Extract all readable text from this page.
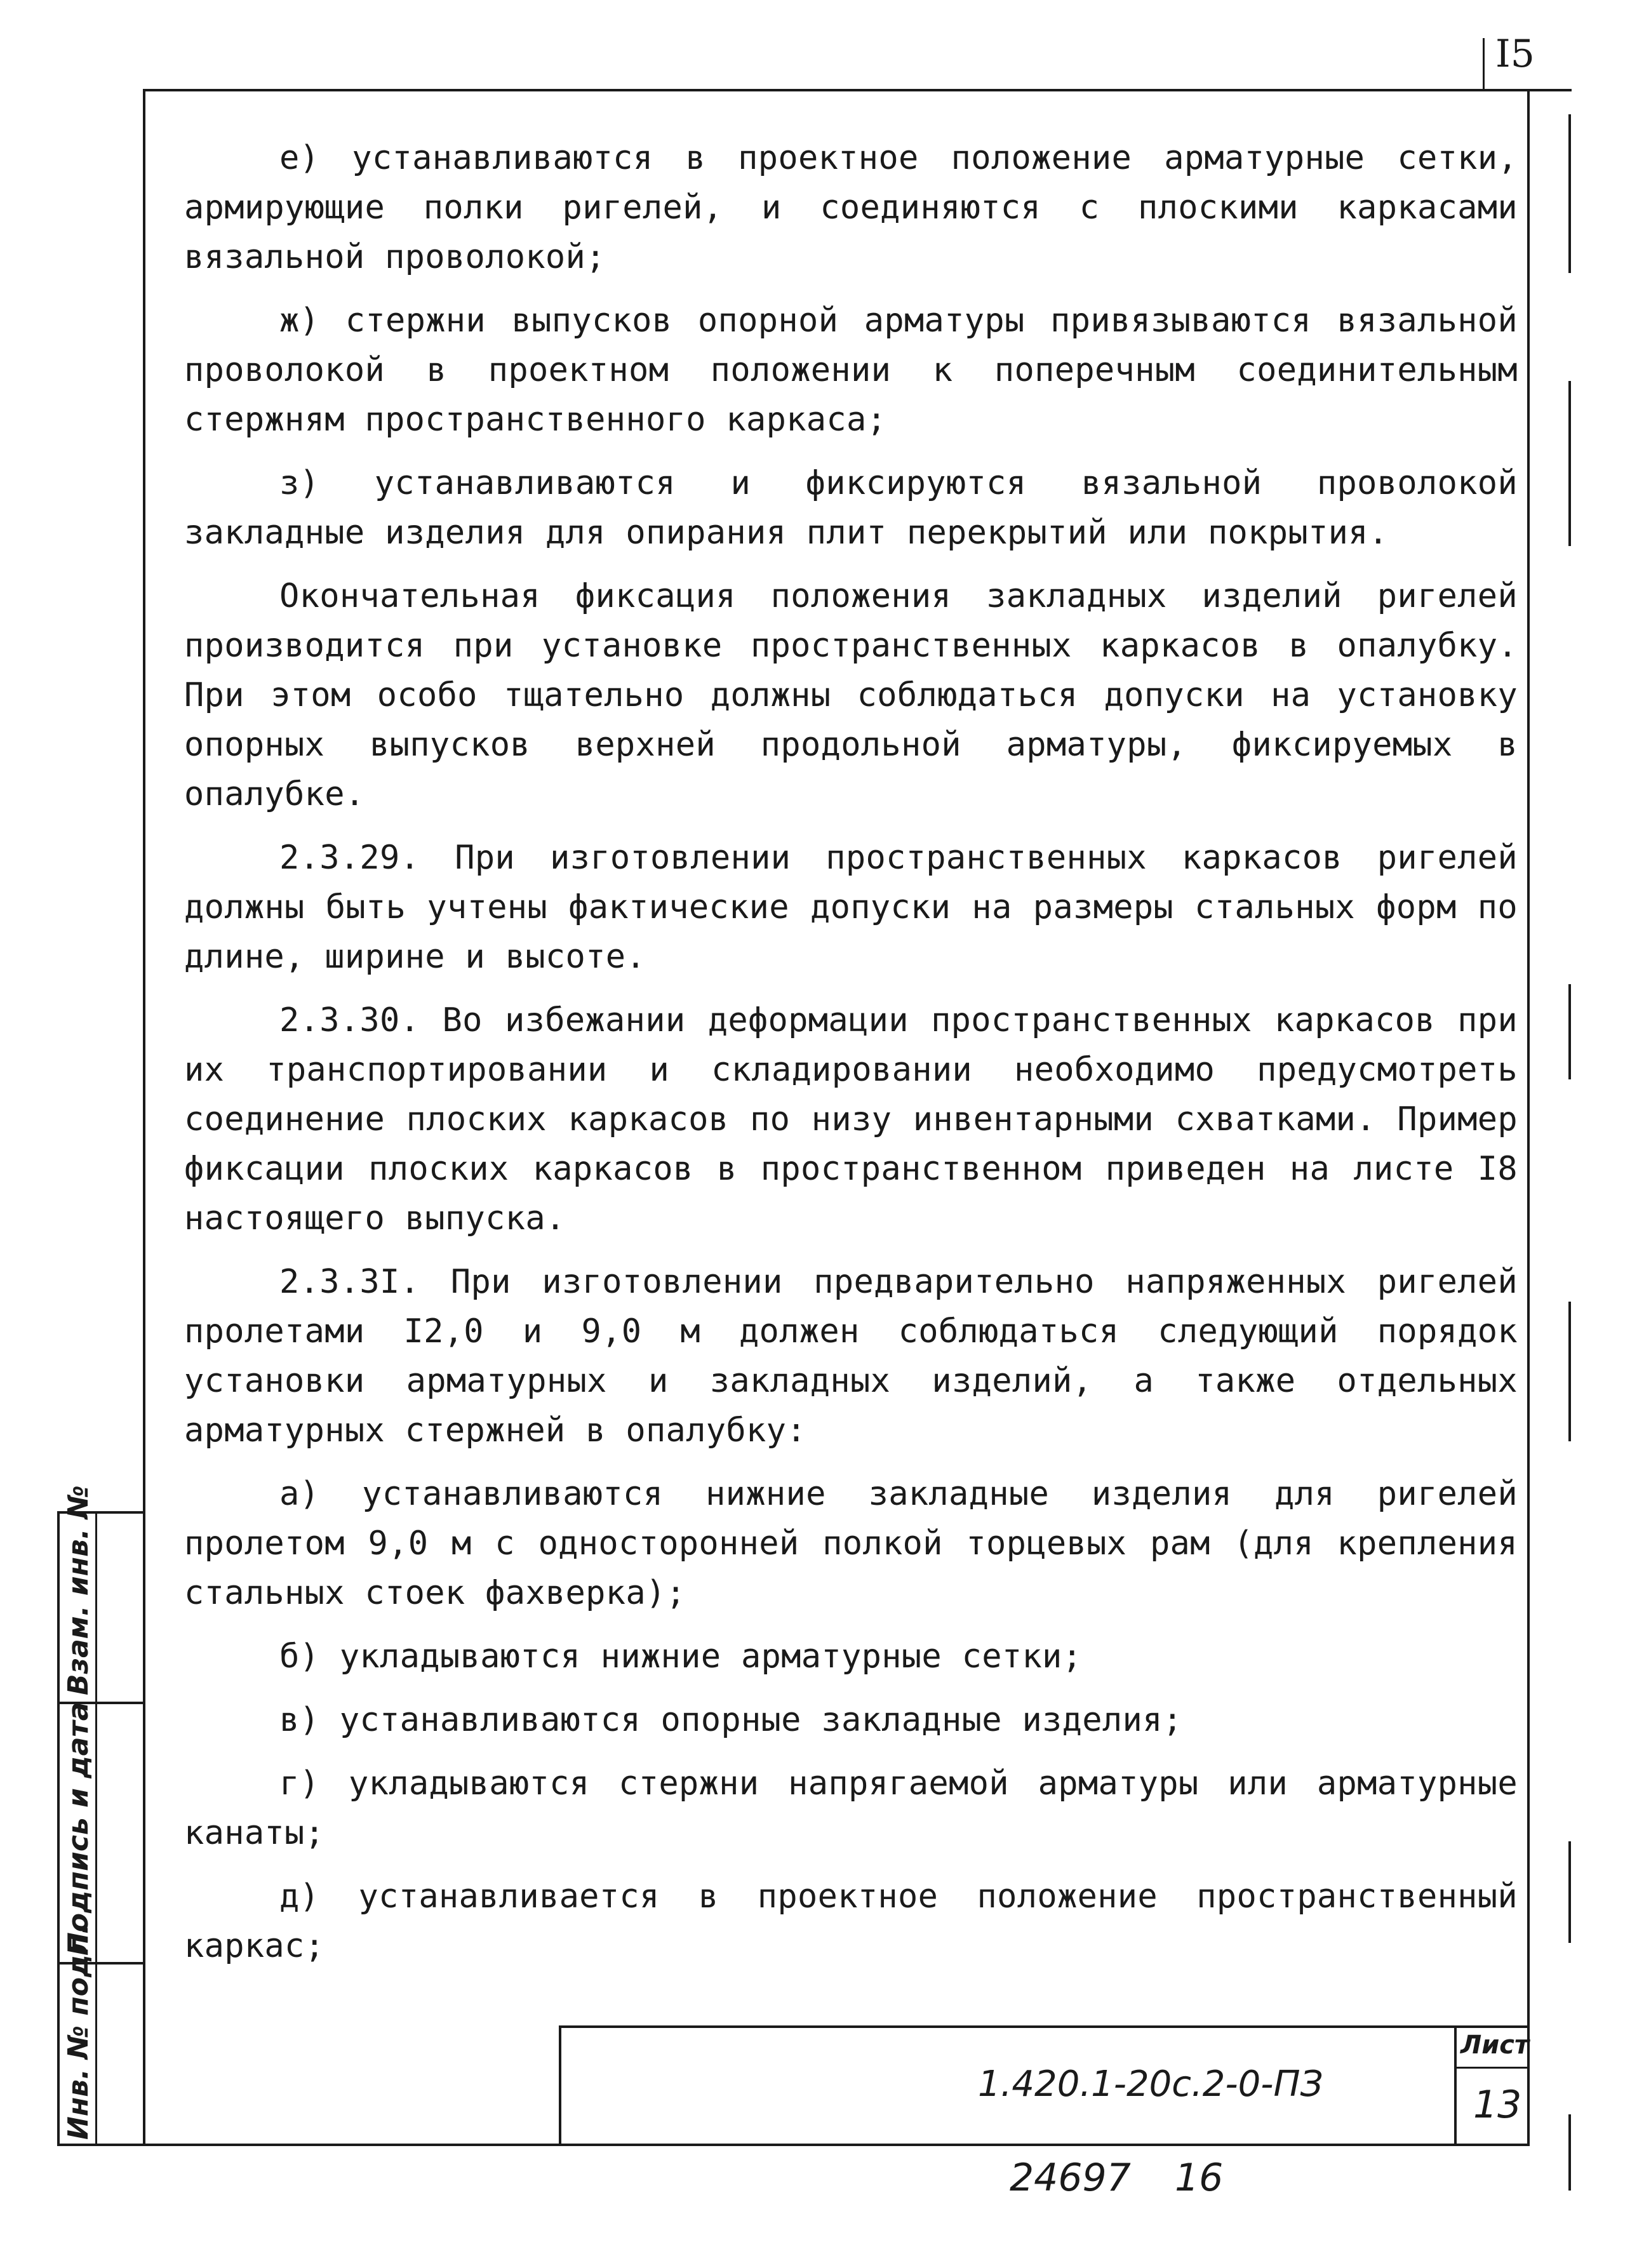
I5

е) устанавливаются в проектное положение арматурные сетки, армирующие полки ригелей, и соединяются с плоскими каркасами вязальной проволокой;

ж) стержни выпусков опорной арматуры привязываются вязальной проволокой в проектном положении к поперечным соединительным стержням пространственного каркаса;

з) устанавливаются и фиксируются вязальной проволокой закладные изделия для опирания плит перекрытий или покрытия.

Окончательная фиксация положения закладных изделий ригелей производится при установке пространственных каркасов в опалубку. При этом особо тщательно должны соблюдаться допуски на установку опорных выпусков верхней продольной арматуры, фиксируемых в опалубке.

2.3.29. При изготовлении пространственных каркасов ригелей должны быть учтены фактические допуски на размеры стальных форм по длине, ширине и высоте.

2.3.30. Во избежании деформации пространственных каркасов при их транспортировании и складировании необходимо предусмотреть соединение плоских каркасов по низу инвентарными схватками. Пример фиксации плоских каркасов в пространственном приведен на листе I8 настоящего выпуска.

2.3.3I. При изготовлении предварительно напряженных ригелей пролетами I2,0 и 9,0 м должен соблюдаться следующий порядок установки арматурных и закладных изделий, а также отдельных арматурных стержней в опалубку:

а) устанавливаются нижние закладные изделия для ригелей пролетом 9,0 м с односторонней полкой торцевых рам (для крепления стальных стоек фахверка);

б) укладываются нижние арматурные сетки;

в) устанавливаются опорные закладные изделия;

г) укладываются стержни напрягаемой арматуры или арматурные канаты;

д) устанавливается в проектное положение пространственный каркас;

Взам. инв. №
Подпись и дата
Инв. № подл.	1.420.1-20с.2-0-ПЗ
Лист
13
24697 16
